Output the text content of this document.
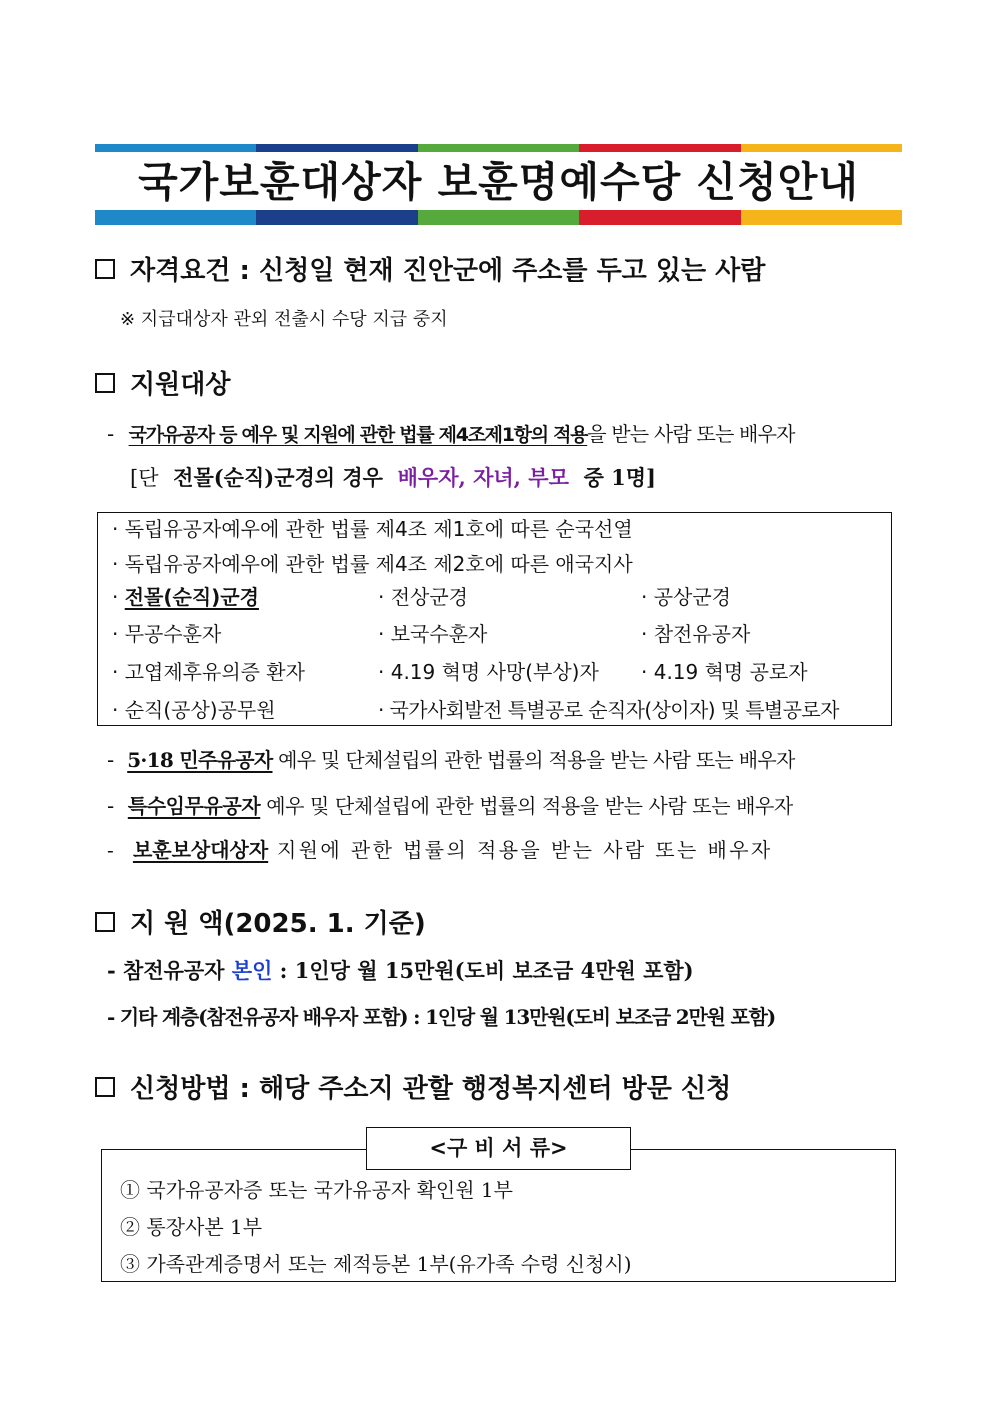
국가보훈대상자 보훈명예수당 신청안내
자격요건 : 신청일 현재 진안군에 주소를 두고 있는 사람
※ 지급대상자 관외 전출시 수당 지급 중지
지원대상
- 국가유공자 등 예우 및 지원에 관한 법률 제4조제1항의 적용을 받는 사람 또는 배우자
[단 전몰(순직)군경의 경우 배우자, 자녀, 부모 중 1명]
· 독립유공자예우에 관한 법률 제4조 제1호에 따른 순국선열
· 독립유공자예우에 관한 법률 제4조 제2호에 따른 애국지사
· 전몰(순직)군경	· 전상군경	· 공상군경
· 무공수훈자	· 보국수훈자	· 참전유공자
· 고엽제후유의증 환자	· 4.19 혁명 사망(부상)자 · 4.19 혁명 공로자
· 순직(공상)공무원	· 국가사회발전 특별공로 순직자(상이자) 및 특별공로자
- 5·18 민주유공자 예우 및 단체설립의 관한 법률의 적용을 받는 사람 또는 배우자
- 특수임무유공자 예우 및 단체설립에 관한 법률의 적용을 받는 사람 또는 배우자
- 보훈보상대상자 지원에 관한 법률의 적용을 받는 사람 또는 배우자
지 원 액(2025. 1. 기준)
- 참전유공자 본인 : 1인당 월 15만원(도비 보조금 4만원 포함)
- 기타 계층(참전유공자 배우자 포함) : 1인당 월 13만원(도비 보조금 2만원 포함)
신청방법 : 해당 주소지 관할 행정복지센터 방문 신청
① 국가유공자증 또는 국가유공자 확인원 1부
② 통장사본 1부
③ 가족관계증명서 또는 제적등본 1부(유가족 수령 신청시)
<구 비 서 류>
